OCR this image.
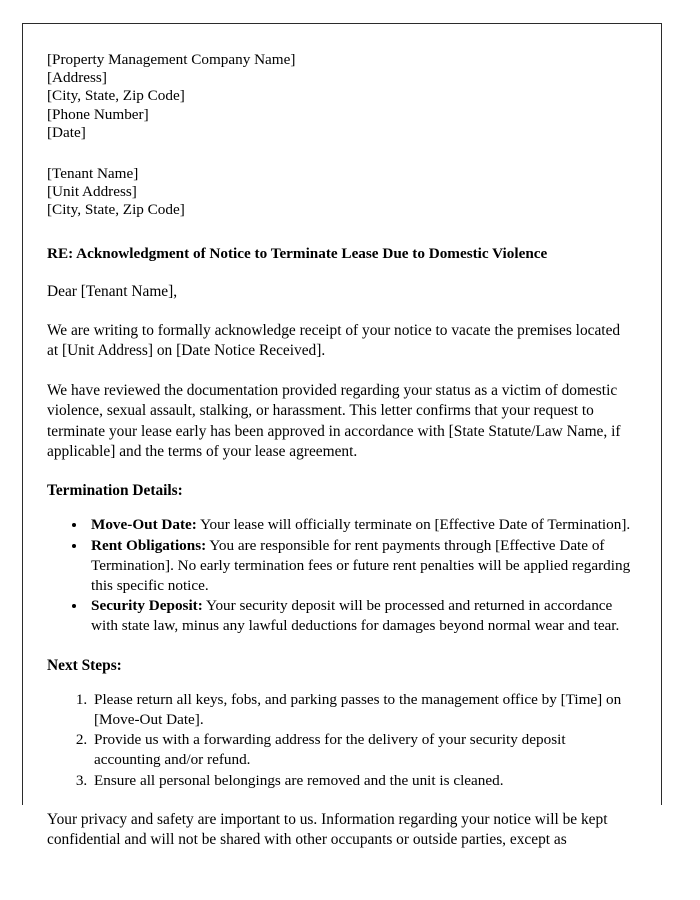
[Property Management Company Name]
[Address]
[City, State, Zip Code]
[Phone Number]
[Date]
[Tenant Name]
[Unit Address]
[City, State, Zip Code]
RE: Acknowledgment of Notice to Terminate Lease Due to Domestic Violence
Dear [Tenant Name],
We are writing to formally acknowledge receipt of your notice to vacate the premises located at [Unit Address] on [Date Notice Received].
We have reviewed the documentation provided regarding your status as a victim of domestic violence, sexual assault, stalking, or harassment. This letter confirms that your request to terminate your lease early has been approved in accordance with [State Statute/Law Name, if applicable] and the terms of your lease agreement.
Termination Details:
• Move-Out Date: Your lease will officially terminate on [Effective Date of Termination].
• Rent Obligations: You are responsible for rent payments through [Effective Date of Termination]. No early termination fees or future rent penalties will be applied regarding this specific notice.
• Security Deposit: Your security deposit will be processed and returned in accordance with state law, minus any lawful deductions for damages beyond normal wear and tear.
Next Steps:
1. Please return all keys, fobs, and parking passes to the management office by [Time] on [Move-Out Date].
2. Provide us with a forwarding address for the delivery of your security deposit accounting and/or refund.
3. Ensure all personal belongings are removed and the unit is cleaned.
Your privacy and safety are important to us. Information regarding your notice will be kept confidential and will not be shared with other occupants or outside parties, except as
